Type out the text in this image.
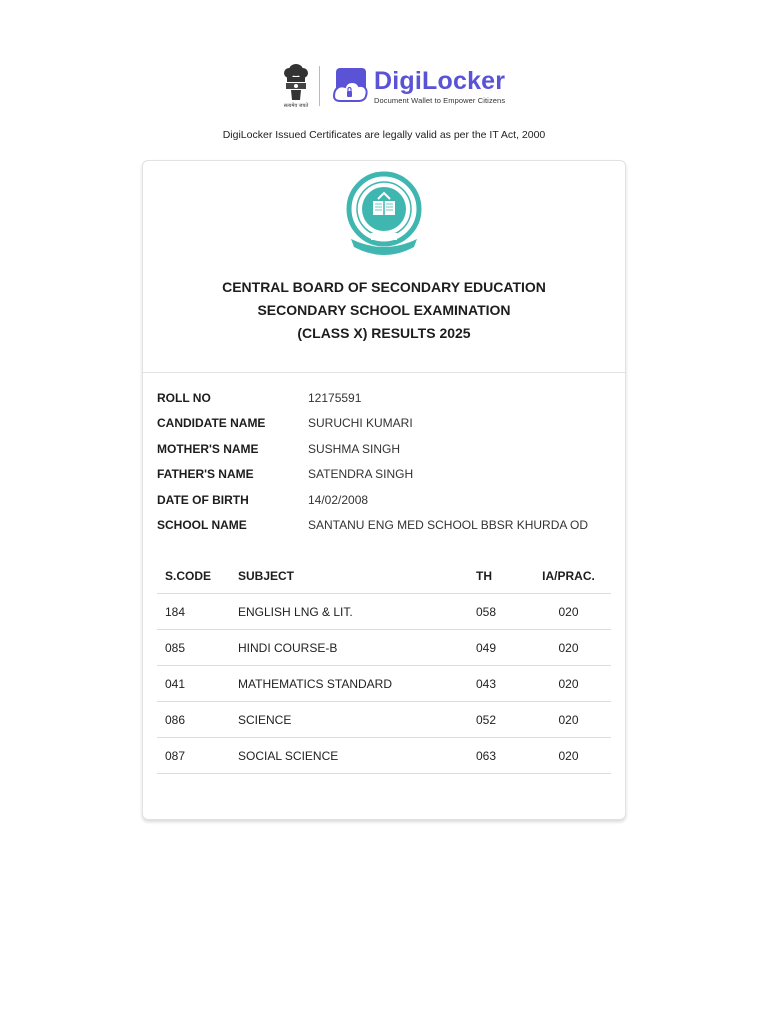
सत्यमेव जयते
DigiLocker
Document Wallet to Empower Citizens
DigiLocker Issued Certificates are legally valid as per the IT Act, 2000
CENTRAL BOARD OF SECONDARY EDUCATION
SECONDARY SCHOOL EXAMINATION
(CLASS X) RESULTS 2025
ROLL NO	12175591
CANDIDATE NAME	SURUCHI KUMARI
MOTHER'S NAME	SUSHMA SINGH
FATHER'S NAME	SATENDRA SINGH
DATE OF BIRTH	14/02/2008
SCHOOL NAME	SANTANU ENG MED SCHOOL BBSR KHURDA OD
S.CODE	SUBJECT	TH	IA/PRAC.
184	ENGLISH LNG & LIT.	058	020
085	HINDI COURSE-B	049	020
041	MATHEMATICS STANDARD	043	020
086	SCIENCE	052	020
087	SOCIAL SCIENCE	063	020
